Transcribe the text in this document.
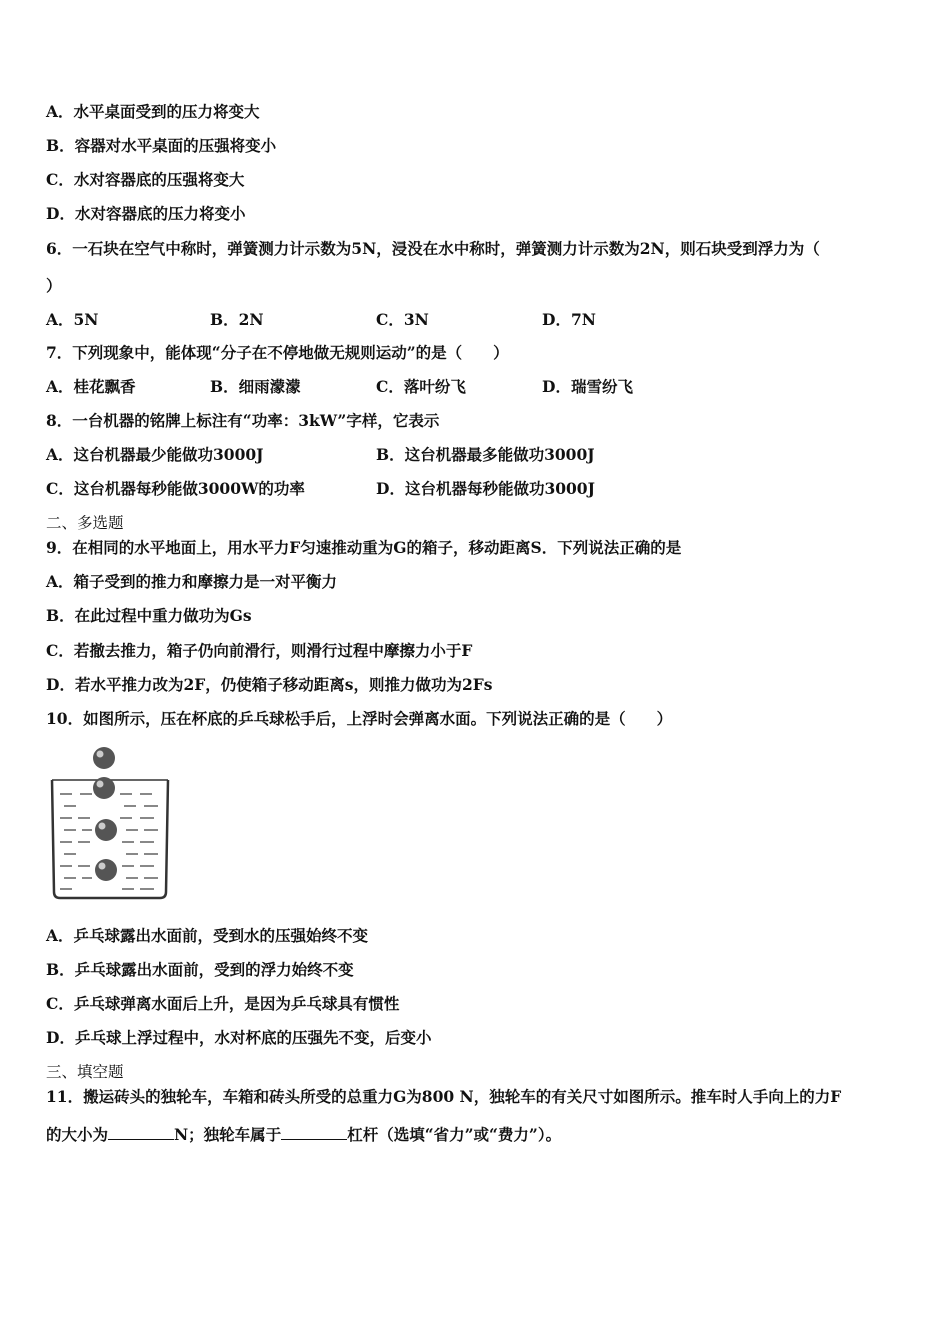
A．水平桌面受到的压力将变大
B．容器对水平桌面的压强将变小
C．水对容器底的压强将变大
D．水对容器底的压力将变小
6．一石块在空气中称时，弹簧测力计示数为5N，浸没在水中称时，弹簧测力计示数为2N，则石块受到浮力为（
）
A．5N	B．2N	C．3N	D．7N
7．下列现象中，能体现“分子在不停地做无规则运动”的是（　　）
A．桂花飘香	B．细雨濛濛	C．落叶纷飞	D．瑞雪纷飞
8．一台机器的铭牌上标注有“功率：3kW”字样，它表示
A．这台机器最少能做功3000J	B．这台机器最多能做功3000J
C．这台机器每秒能做3000W的功率	D．这台机器每秒能做功3000J
二、多选题
9．在相同的水平地面上，用水平力F匀速推动重为G的箱子，移动距离S．下列说法正确的是
A．箱子受到的推力和摩擦力是一对平衡力
B．在此过程中重力做功为Gs
C．若撤去推力，箱子仍向前滑行，则滑行过程中摩擦力小于F
D．若水平推力改为2F，仍使箱子移动距离s，则推力做功为2Fs
10．如图所示，压在杯底的乒乓球松手后，上浮时会弹离水面。下列说法正确的是（　　）
A．乒乓球露出水面前，受到水的压强始终不变
B．乒乓球露出水面前，受到的浮力始终不变
C．乒乓球弹离水面后上升，是因为乒乓球具有惯性
D．乒乓球上浮过程中，水对杯底的压强先不变，后变小
三、填空题
11．搬运砖头的独轮车，车箱和砖头所受的总重力G为800 N，独轮车的有关尺寸如图所示。推车时人手向上的力F
的大小为	N；独轮车属于	杠杆（选填“省力”或“费力”）。
